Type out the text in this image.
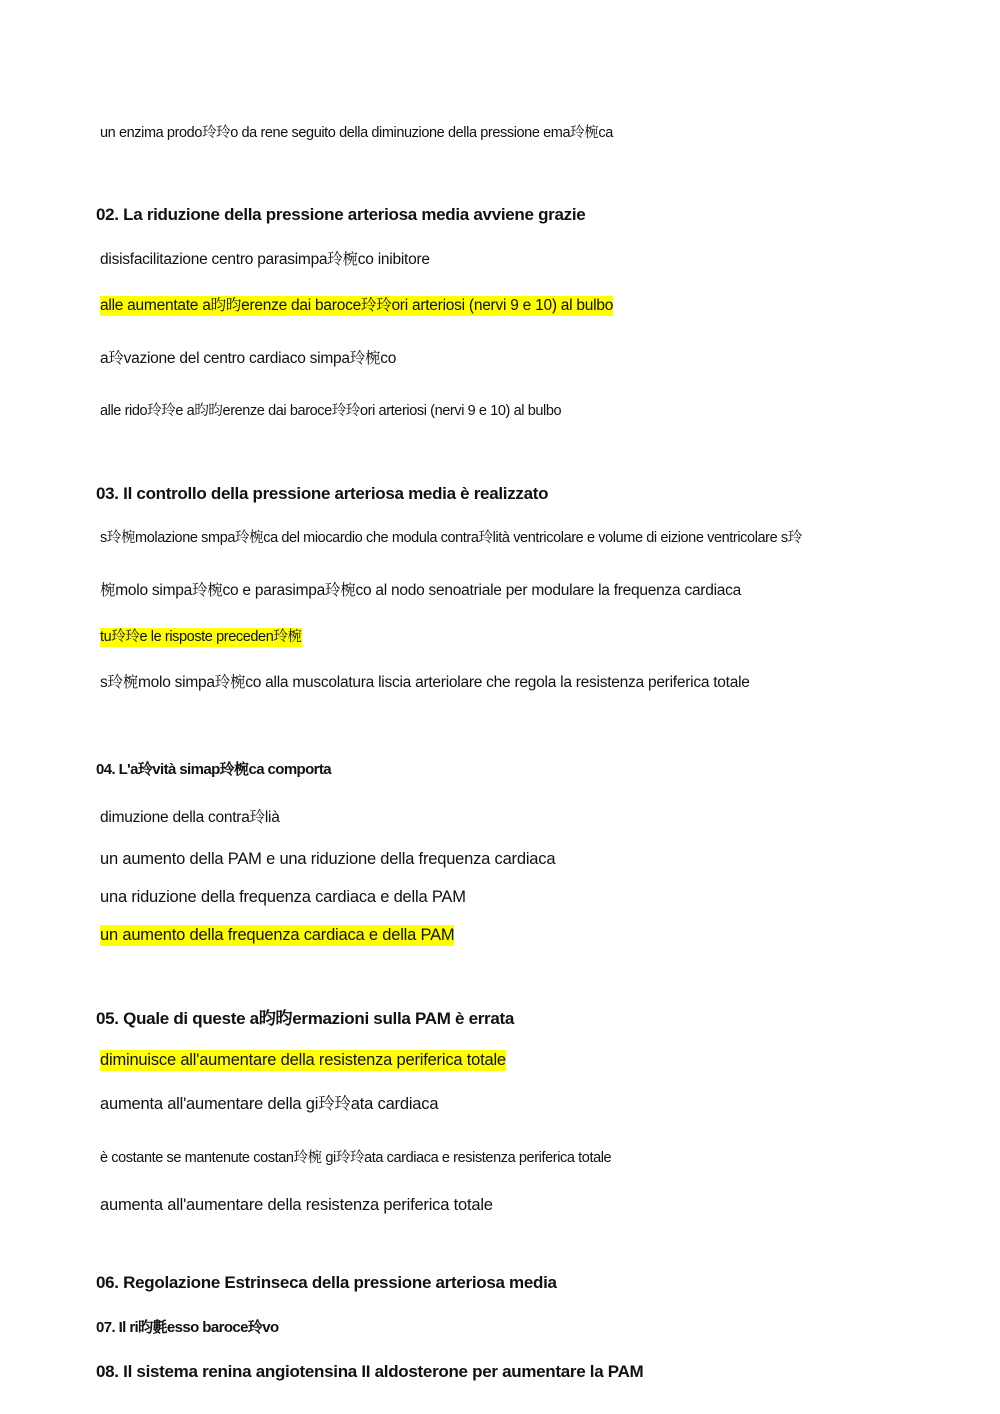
un enzima prodo玲玲o da rene seguito della diminuzione della pressione ema玲椀ca
02. La riduzione della pressione arteriosa media avviene grazie
disisfacilitazione centro parasimpa玲椀co inibitore
alle aumentate a昀昀erenze dai baroce玲玲ori arteriosi (nervi 9 e 10) al bulbo
a玲vazione del centro cardiaco simpa玲椀co
alle rido玲玲e a昀昀erenze dai baroce玲玲ori arteriosi (nervi 9 e 10) al bulbo
03. Il controllo della pressione arteriosa media è realizzato
s玲椀molazione smpa玲椀ca del miocardio che modula contra玲lità ventricolare e volume di eizione ventricolare s玲
椀molo simpa玲椀co e parasimpa玲椀co al nodo senoatriale per modulare la frequenza cardiaca
tu玲玲e le risposte preceden玲椀
s玲椀molo simpa玲椀co alla muscolatura liscia arteriolare che regola la resistenza periferica totale
04. L'a玲vità simap玲椀ca comporta
dimuzione della contra玲lià
un aumento della PAM e una riduzione della frequenza cardiaca
una riduzione della frequenza cardiaca e della PAM
un aumento della frequenza cardiaca e della PAM
05. Quale di queste a昀昀ermazioni sulla PAM è errata
diminuisce all'aumentare della resistenza periferica totale
aumenta all'aumentare della gi玲玲ata cardiaca
è costante se mantenute costan玲椀 gi玲玲ata cardiaca e resistenza periferica totale
aumenta all'aumentare della resistenza periferica totale
06. Regolazione Estrinseca della pressione arteriosa media
07. Il ri昀氀esso baroce玲vo
08. Il sistema renina angiotensina II aldosterone per aumentare la PAM
